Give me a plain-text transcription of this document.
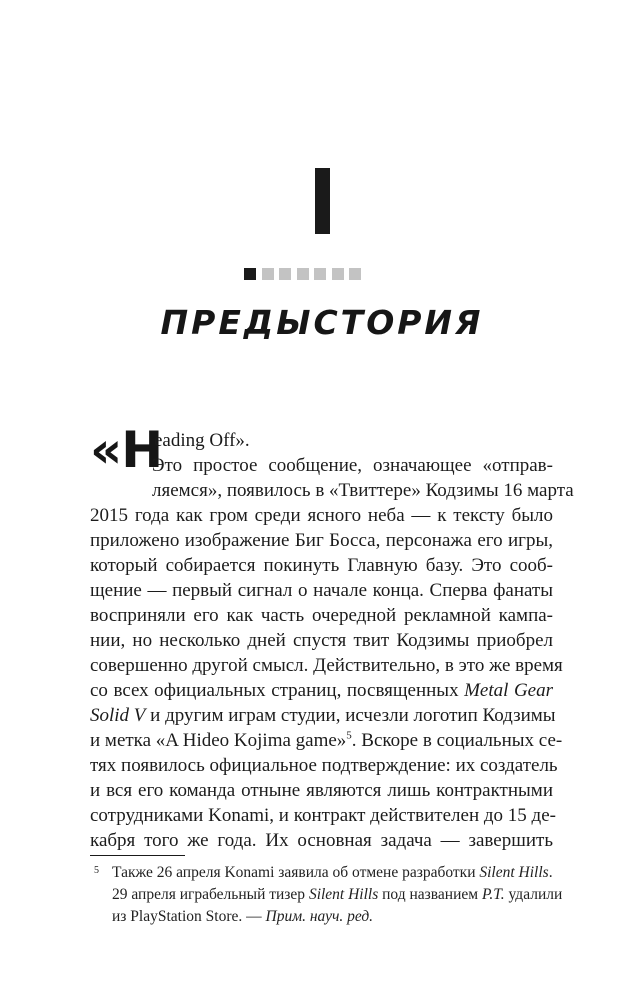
ПРЕДЫСТОРИЯ
«H
eading Off».
Это простое сообщение, означающее «отправ-
ляемся», появилось в «Твиттере» Кодзимы 16 марта
2015 года как гром среди ясного неба — к тексту было
приложено изображение Биг Босса, персонажа его игры,
который собирается покинуть Главную базу. Это сооб-
щение — первый сигнал о начале конца. Сперва фанаты
восприняли его как часть очередной рекламной кампа-
нии, но несколько дней спустя твит Кодзимы приобрел
совершенно другой смысл. Действительно, в это же время
со всех официальных страниц, посвященных Metal Gear
Solid V и другим играм студии, исчезли логотип Кодзимы
и метка «A Hideo Kojima game»$^5$. Вскоре в социальных се-
тях появилось официальное подтверждение: их создатель
и вся его команда отныне являются лишь контрактными
сотрудниками Konami, и контракт действителен до 15 де-
кабря того же года. Их основная задача — завершить
5 Также 26 апреля Konami заявила об отмене разработки Silent Hills.
29 апреля играбельный тизер Silent Hills под названием P.T. удалили
из PlayStation Store. — Прим. науч. ред.
